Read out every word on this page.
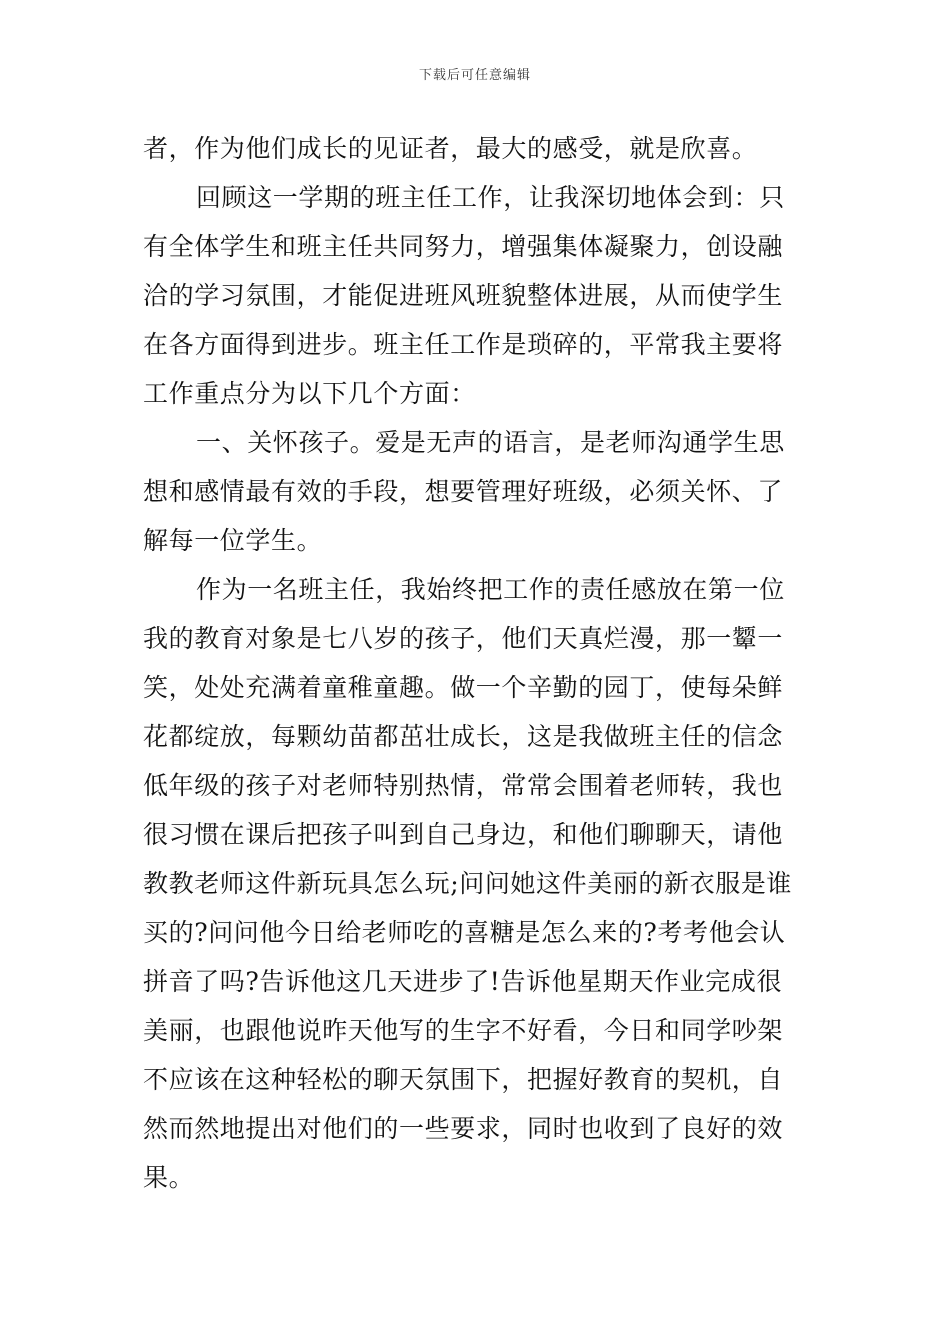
下载后可任意编辑
者，作为他们成长的见证者，最大的感受，就是欣喜。
回顾这一学期的班主任工作，让我深切地体会到：只
有全体学生和班主任共同努力，增强集体凝聚力，创设融
洽的学习氛围，才能促进班风班貌整体进展，从而使学生
在各方面得到进步。班主任工作是琐碎的，平常我主要将
工作重点分为以下几个方面：
一、关怀孩子。爱是无声的语言，是老师沟通学生思
想和感情最有效的手段，想要管理好班级，必须关怀、了
解每一位学生。
作为一名班主任，我始终把工作的责任感放在第一位
我的教育对象是七八岁的孩子，他们天真烂漫，那一颦一
笑，处处充满着童稚童趣。做一个辛勤的园丁，使每朵鲜
花都绽放，每颗幼苗都茁壮成长，这是我做班主任的信念
低年级的孩子对老师特别热情，常常会围着老师转，我也
很习惯在课后把孩子叫到自己身边，和他们聊聊天，请他
教教老师这件新玩具怎么玩;问问她这件美丽的新衣服是谁
买的?问问他今日给老师吃的喜糖是怎么来的?考考他会认
拼音了吗?告诉他这几天进步了!告诉他星期天作业完成很
美丽，也跟他说昨天他写的生字不好看，今日和同学吵架
不应该在这种轻松的聊天氛围下，把握好教育的契机，自
然而然地提出对他们的一些要求，同时也收到了良好的效
果。
